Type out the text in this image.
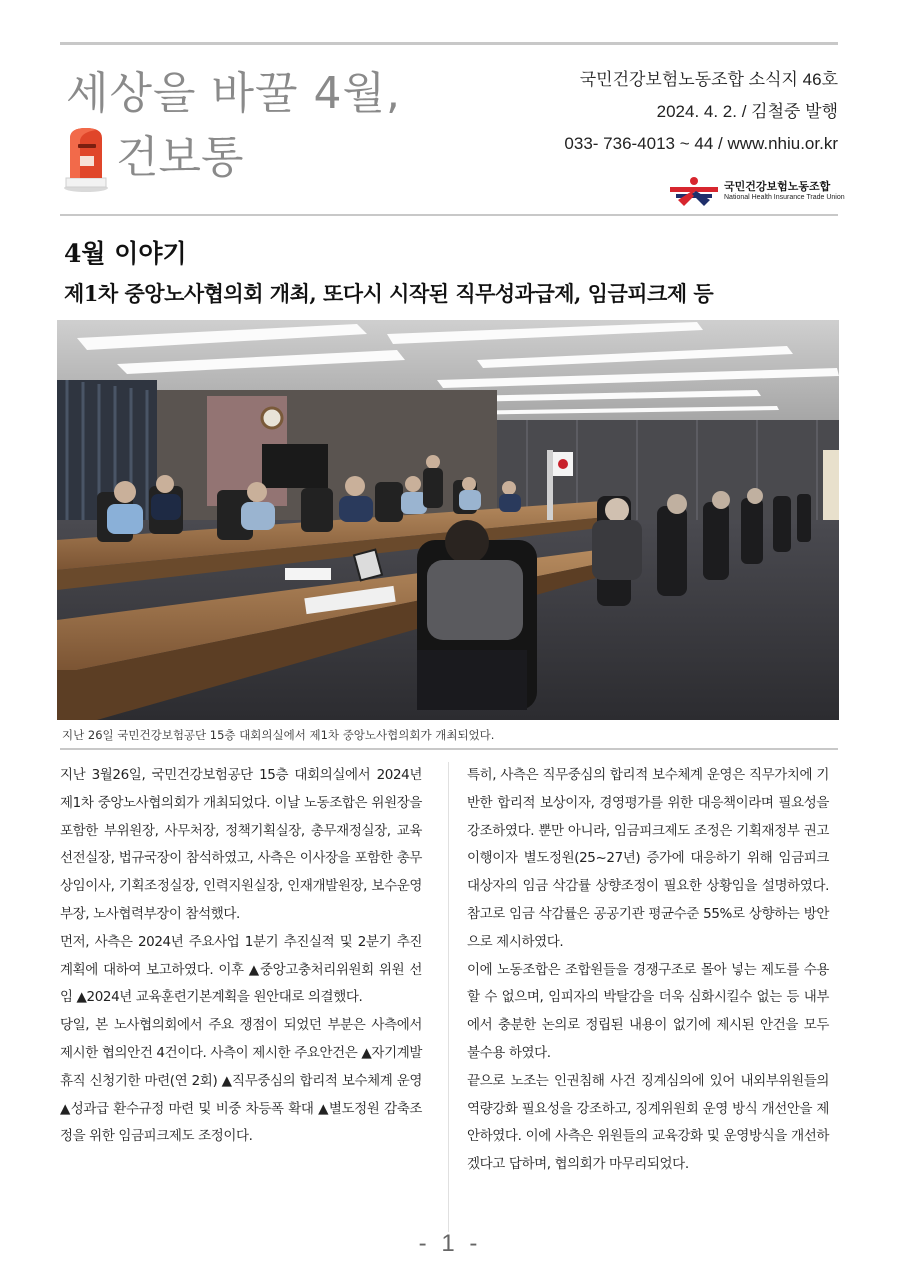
세상을 바꿀 4월,
건보통
국민건강보험노동조합 소식지 46호
2024. 4. 2. / 김철중 발행
033- 736-4013 ~ 44 / www.nhiu.or.kr
국민건강보험노동조합
National Health Insurance Trade Union
4월 이야기
제1차 중앙노사협의회 개최, 또다시 시작된 직무성과급제, 임금피크제 등
지난 26일 국민건강보험공단 15층 대회의실에서 제1차 중앙노사협의회가 개최되었다.

지난 3월26일, 국민건강보험공단 15층 대회의실에서 2024년 제1차 중앙노사협의회가 개최되었다. 이날 노동조합은 위원장을 포함한 부위원장, 사무처장, 정책기획실장, 총무재정실장, 교육선전실장, 법규국장이 참석하였고, 사측은 이사장을 포함한 총무상임이사, 기획조정실장, 인력지원실장, 인재개발원장, 보수운영부장, 노사협력부장이 참석했다.

먼저, 사측은 2024년 주요사업 1분기 추진실적 및 2분기 추진계획에 대하여 보고하였다. 이후 ▲중앙고충처리위원회 위원 선임 ▲2024년 교육훈련기본계획을 원안대로 의결했다.

당일, 본 노사협의회에서 주요 쟁점이 되었던 부분은 사측에서 제시한 협의안건 4건이다. 사측이 제시한 주요안건은 ▲자기계발휴직 신청기한 마련(연 2회) ▲직무중심의 합리적 보수체계 운영 ▲성과급 환수규정 마련 및 비중 차등폭 확대 ▲별도정원 감축조정을 위한 임금피크제도 조정이다.

특히, 사측은 직무중심의 합리적 보수체계 운영은 직무가치에 기반한 합리적 보상이자, 경영평가를 위한 대응책이라며 필요성을 강조하였다. 뿐만 아니라, 임금피크제도 조정은 기획재정부 권고 이행이자 별도정원(25~27년) 증가에 대응하기 위해 임금피크 대상자의 임금 삭감률 상향조정이 필요한 상황임을 설명하였다. 참고로 임금 삭감률은 공공기관 평균수준 55%로 상향하는 방안으로 제시하였다.

이에 노동조합은 조합원들을 경쟁구조로 몰아 넣는 제도를 수용할 수 없으며, 임피자의 박탈감을 더욱 심화시킬수 없는 등 내부에서 충분한 논의로 정립된 내용이 없기에 제시된 안건을 모두 불수용 하였다.

끝으로 노조는 인권침해 사건 징계심의에 있어 내외부위원들의 역량강화 필요성을 강조하고, 징계위원회 운영 방식 개선안을 제안하였다. 이에 사측은 위원들의 교육강화 및 운영방식을 개선하겠다고 답하며, 협의회가 마무리되었다.

- 1 -
